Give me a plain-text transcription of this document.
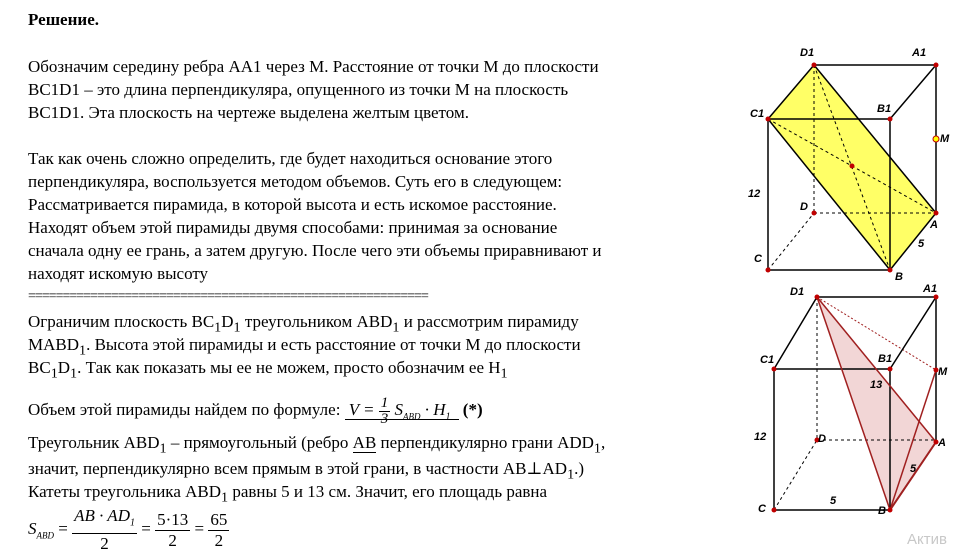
Решение.
Обозначим середину ребра АА1 через М. Расстояние от точки М до плоскости
ВС1D1 – это длина перпендикуляра, опущенного из точки М на плоскость
ВС1D1. Эта плоскость на чертеже выделена желтым цветом.
Так как очень сложно определить, где будет находиться основание этого
перпендикуляра, воспользуется методом объемов. Суть его в следующем:
Рассматривается пирамида, в которой высота и есть искомое расстояние.
Находят объем этой пирамиды двумя способами: принимая за основание
сначала одну ее грань, а затем другую. После чего эти объемы приравнивают и
находят искомую высоту
==========================================================
Ограничим плоскость $ВС_1D_1$ треугольником $АВD_1$ и рассмотрим пирамиду
$МАВD_1$. Высота этой пирамиды и есть расстояние от точки М до плоскости
$ВС_1D_1$. Так как показать мы ее не можем, просто обозначим ее $Н_1$
Объем этой пирамиды найдем по формуле: $V = \frac{1}{3} S_{ABD} \cdot H_1$ (*)
Треугольник $АВD_1$ – прямоугольный (ребро АВ перпендикулярно грани $ADD_1$,
значит, перпендикулярно всем прямым в этой грани, в частности $АВ\perp АD_1$.)
Катеты треугольника $АВD_1$ равны 5 и 13 см. Значит, его площадь равна
$S_{ABD} = \frac{AB \cdot AD_1}{2} = \frac{5\cdot 13}{2} = \frac{65}{2}$
D1	A1
C1	B1
M
D
A
C
B
12
5
D1	A1
C1	B1
M
D	A
C	B
12
13
5
5
Актив
